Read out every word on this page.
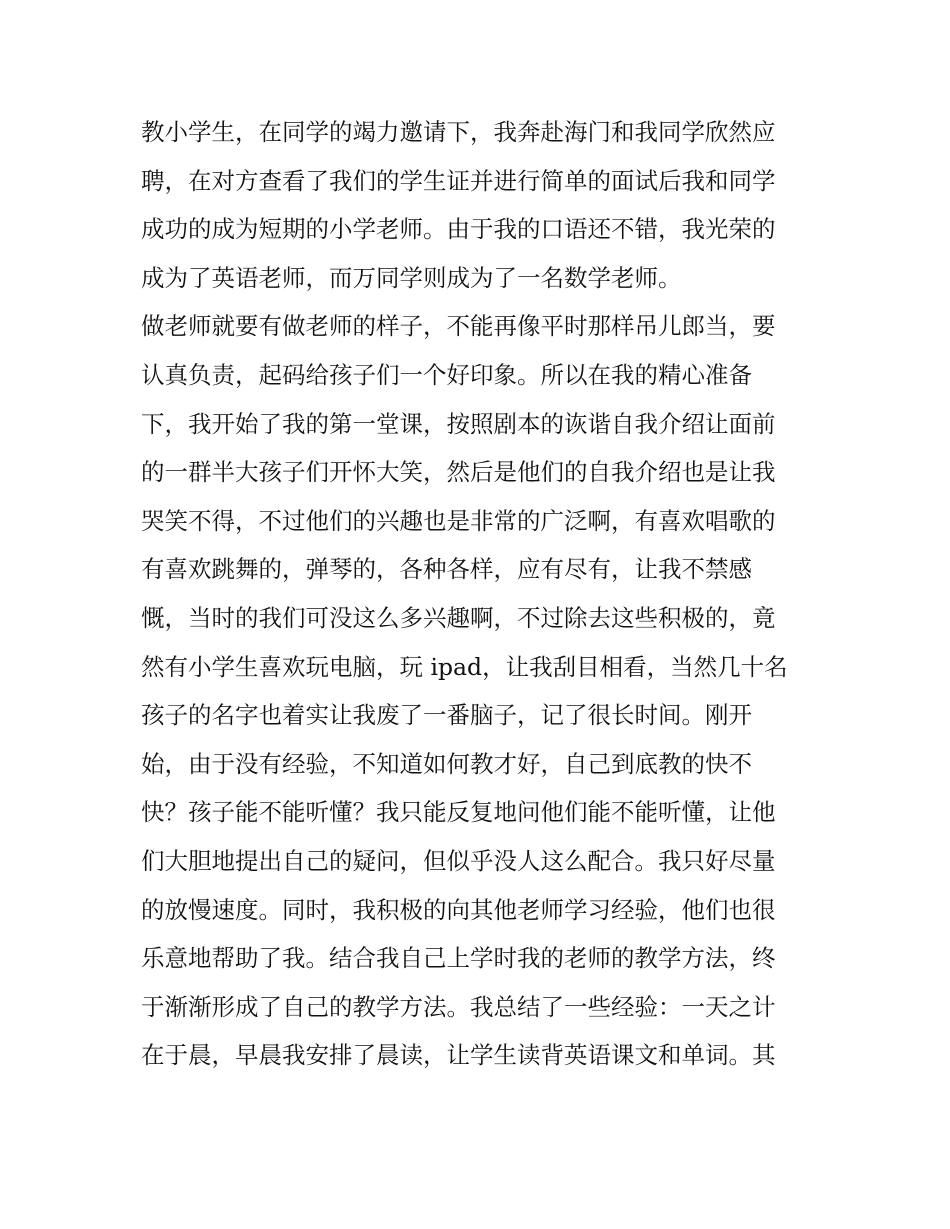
教小学生，在同学的竭力邀请下，我奔赴海门和我同学欣然应
聘，在对方查看了我们的学生证并进行简单的面试后我和同学
成功的成为短期的小学老师。由于我的口语还不错，我光荣的
成为了英语老师，而万同学则成为了一名数学老师。
做老师就要有做老师的样子，不能再像平时那样吊儿郎当，要
认真负责，起码给孩子们一个好印象。所以在我的精心准备
下，我开始了我的第一堂课，按照剧本的诙谐自我介绍让面前
的一群半大孩子们开怀大笑，然后是他们的自我介绍也是让我
哭笑不得，不过他们的兴趣也是非常的广泛啊，有喜欢唱歌的
有喜欢跳舞的，弹琴的，各种各样，应有尽有，让我不禁感
慨，当时的我们可没这么多兴趣啊，不过除去这些积极的，竟
然有小学生喜欢玩电脑，玩 ipad，让我刮目相看，当然几十名
孩子的名字也着实让我废了一番脑子，记了很长时间。刚开
始，由于没有经验，不知道如何教才好，自己到底教的快不
快？孩子能不能听懂？我只能反复地问他们能不能听懂，让他
们大胆地提出自己的疑问，但似乎没人这么配合。我只好尽量
的放慢速度。同时，我积极的向其他老师学习经验，他们也很
乐意地帮助了我。结合我自己上学时我的老师的教学方法，终
于渐渐形成了自己的教学方法。我总结了一些经验：一天之计
在于晨，早晨我安排了晨读，让学生读背英语课文和单词。其
